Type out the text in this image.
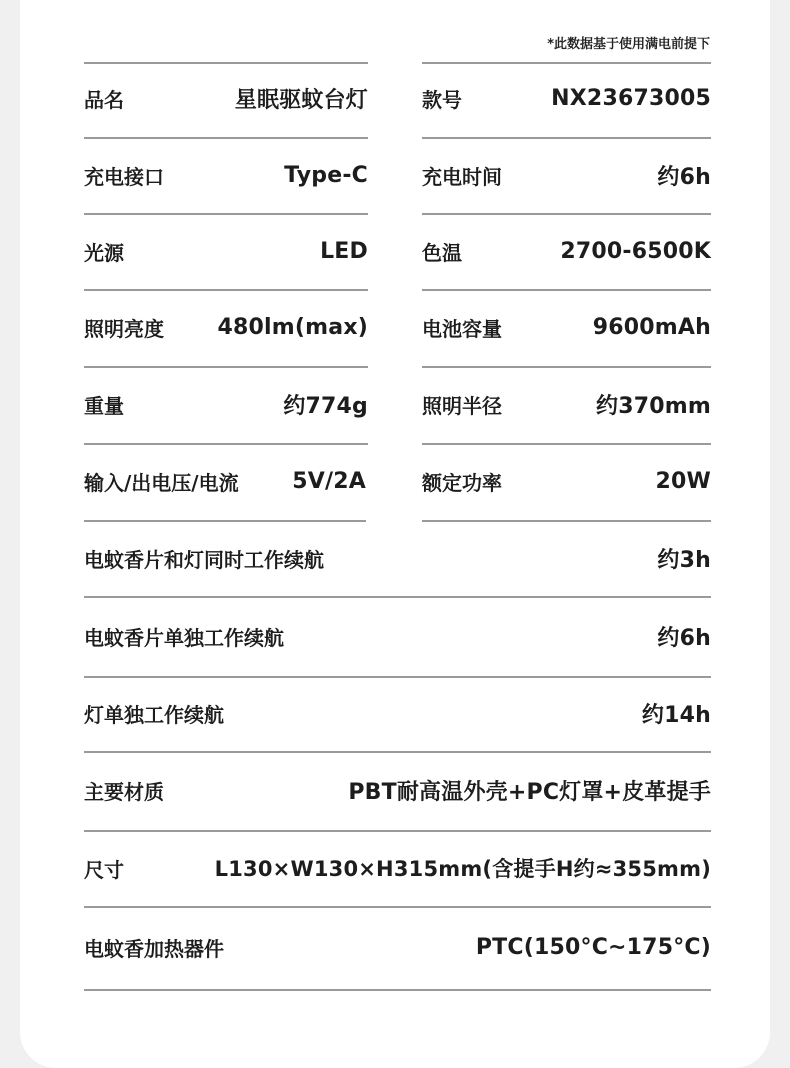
*此数据基于使用满电前提下
品名	星眠驱蚊台灯	款号	NX23673005
充电接口	Type-C	充电时间	约6h
光源	LED	色温	2700-6500K
照明亮度 480lm(max)	电池容量	9600mAh
重量	约774g	照明半径	约370mm
输入/出电压/电流 5V/2A	额定功率	20W
电蚊香片和灯同时工作续航	约3h
电蚊香片单独工作续航	约6h
灯单独工作续航	约14h
主要材质	PBT耐高温外壳+PC灯罩+皮革提手
尺寸	L130×W130×H315mm(含提手H约≈355mm)
电蚊香加热器件	PTC(150°C~175°C)
